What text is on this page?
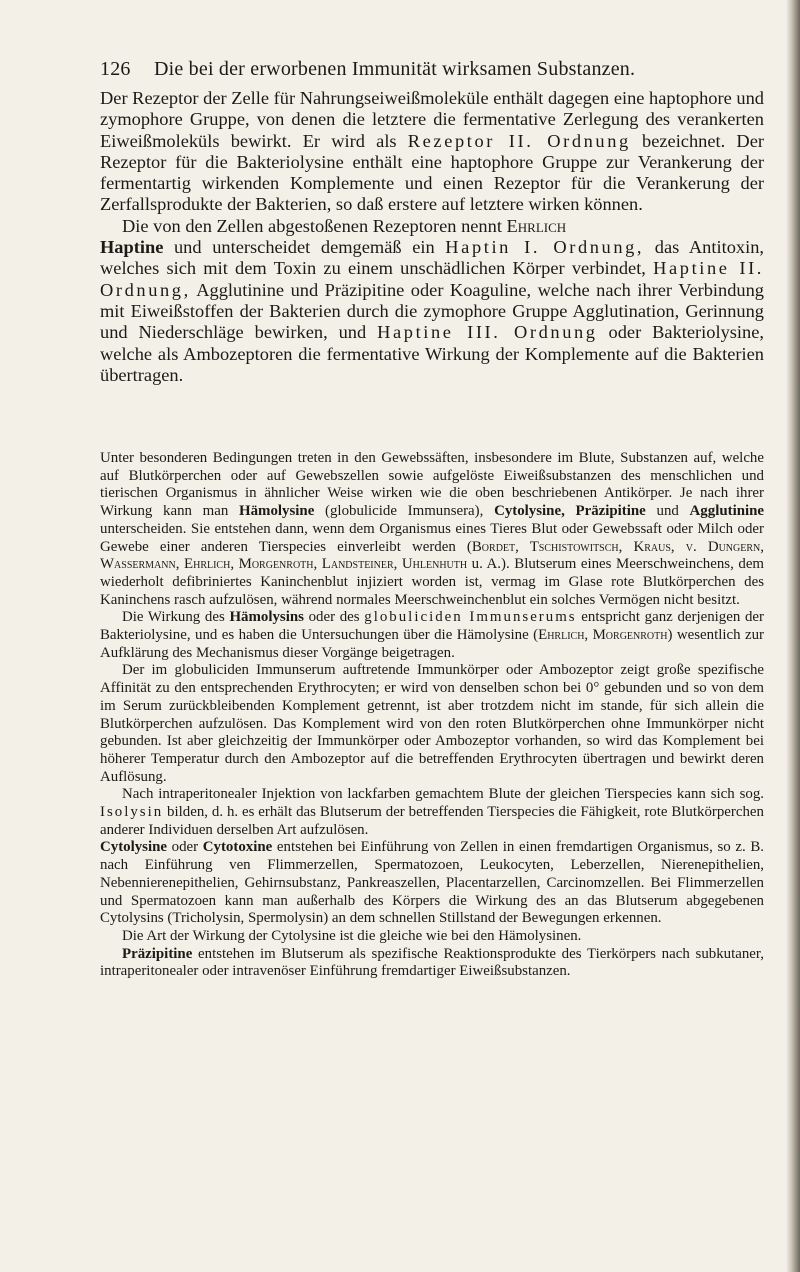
126 Die bei der erworbenen Immunität wirksamen Substanzen.

Der Rezeptor der Zelle für Nahrungseiweißmoleküle enthält dagegen eine haptophore und zymophore Gruppe, von denen die letztere die fermentative Zerlegung des verankerten Eiweißmoleküls bewirkt. Er wird als Rezeptor II. Ordnung bezeichnet. Der Rezeptor für die Bakteriolysine enthält eine haptophore Gruppe zur Verankerung der fermentartig wirkenden Komplemente und einen Rezeptor für die Verankerung der Zerfallsprodukte der Bakterien, so daß erstere auf letztere wirken können.

Die von den Zellen abgestoßenen Rezeptoren nennt Ehrlich
Haptine und unterscheidet demgemäß ein Haptin I. Ordnung, das Antitoxin, welches sich mit dem Toxin zu einem unschädlichen Körper verbindet, Haptine II. Ordnung, Agglutinine und Präzipitine oder Koaguline, welche nach ihrer Verbindung mit Eiweißstoffen der Bakterien durch die zymophore Gruppe Agglutination, Gerinnung und Niederschläge bewirken, und Haptine III. Ordnung oder Bakteriolysine, welche als Ambozeptoren die fermentative Wirkung der Komplemente auf die Bakterien übertragen.

Unter besonderen Bedingungen treten in den Gewebssäften, insbesondere im Blute, Substanzen auf, welche auf Blutkörperchen oder auf Gewebszellen sowie aufgelöste Eiweißsubstanzen des menschlichen und tierischen Organismus in ähnlicher Weise wirken wie die oben beschriebenen Antikörper. Je nach ihrer Wirkung kann man Hämolysine (globulicide Immunsera), Cytolysine, Präzipitine und Agglutinine unterscheiden. Sie entstehen dann, wenn dem Organismus eines Tieres Blut oder Gewebssaft oder Milch oder Gewebe einer anderen Tierspecies einverleibt werden (Bordet, Tschistowitsch, Kraus, v. Dungern, Wassermann, Ehrlich, Morgenroth, Landsteiner, Uhlenhuth u. A.). Blutserum eines Meerschweinchens, dem wiederholt defibriniertes Kaninchenblut injiziert worden ist, vermag im Glase rote Blutkörperchen des Kaninchens rasch aufzulösen, während normales Meerschweinchenblut ein solches Vermögen nicht besitzt.

Die Wirkung des Hämolysins oder des globuliciden Immunserums entspricht ganz derjenigen der Bakteriolysine, und es haben die Untersuchungen über die Hämolysine (Ehrlich, Morgenroth) wesentlich zur Aufklärung des Mechanismus dieser Vorgänge beigetragen.

Der im globuliciden Immunserum auftretende Immunkörper oder Ambozeptor zeigt große spezifische Affinität zu den entsprechenden Erythrocyten; er wird von denselben schon bei 0° gebunden und so von dem im Serum zurückbleibenden Komplement getrennt, ist aber trotzdem nicht im stande, für sich allein die Blutkörperchen aufzulösen. Das Komplement wird von den roten Blutkörperchen ohne Immunkörper nicht gebunden. Ist aber gleichzeitig der Immunkörper oder Ambozeptor vorhanden, so wird das Komplement bei höherer Temperatur durch den Ambozeptor auf die betreffenden Erythrocyten übertragen und bewirkt deren Auflösung.

Nach intraperitonealer Injektion von lackfarben gemachtem Blute der gleichen Tierspecies kann sich sog. Isolysin bilden, d. h. es erhält das Blutserum der betreffenden Tierspecies die Fähigkeit, rote Blutkörperchen anderer Individuen derselben Art aufzulösen.

Cytolysine oder Cytotoxine entstehen bei Einführung von Zellen in einen fremdartigen Organismus, so z. B. nach Einführung ven Flimmerzellen, Spermatozoen, Leukocyten, Leberzellen, Nierenepithelien, Nebennierenepithelien, Gehirnsubstanz, Pankreaszellen, Placentarzellen, Carcinomzellen. Bei Flimmerzellen und Spermatozoen kann man außerhalb des Körpers die Wirkung des an das Blutserum abgegebenen Cytolysins (Tricholysin, Spermolysin) an dem schnellen Stillstand der Bewegungen erkennen.

Die Art der Wirkung der Cytolysine ist die gleiche wie bei den Hämolysinen.

Präzipitine entstehen im Blutserum als spezifische Reaktionsprodukte des Tierkörpers nach subkutaner, intraperitonealer oder intravenöser Einführung fremdartiger Eiweißsubstanzen.
